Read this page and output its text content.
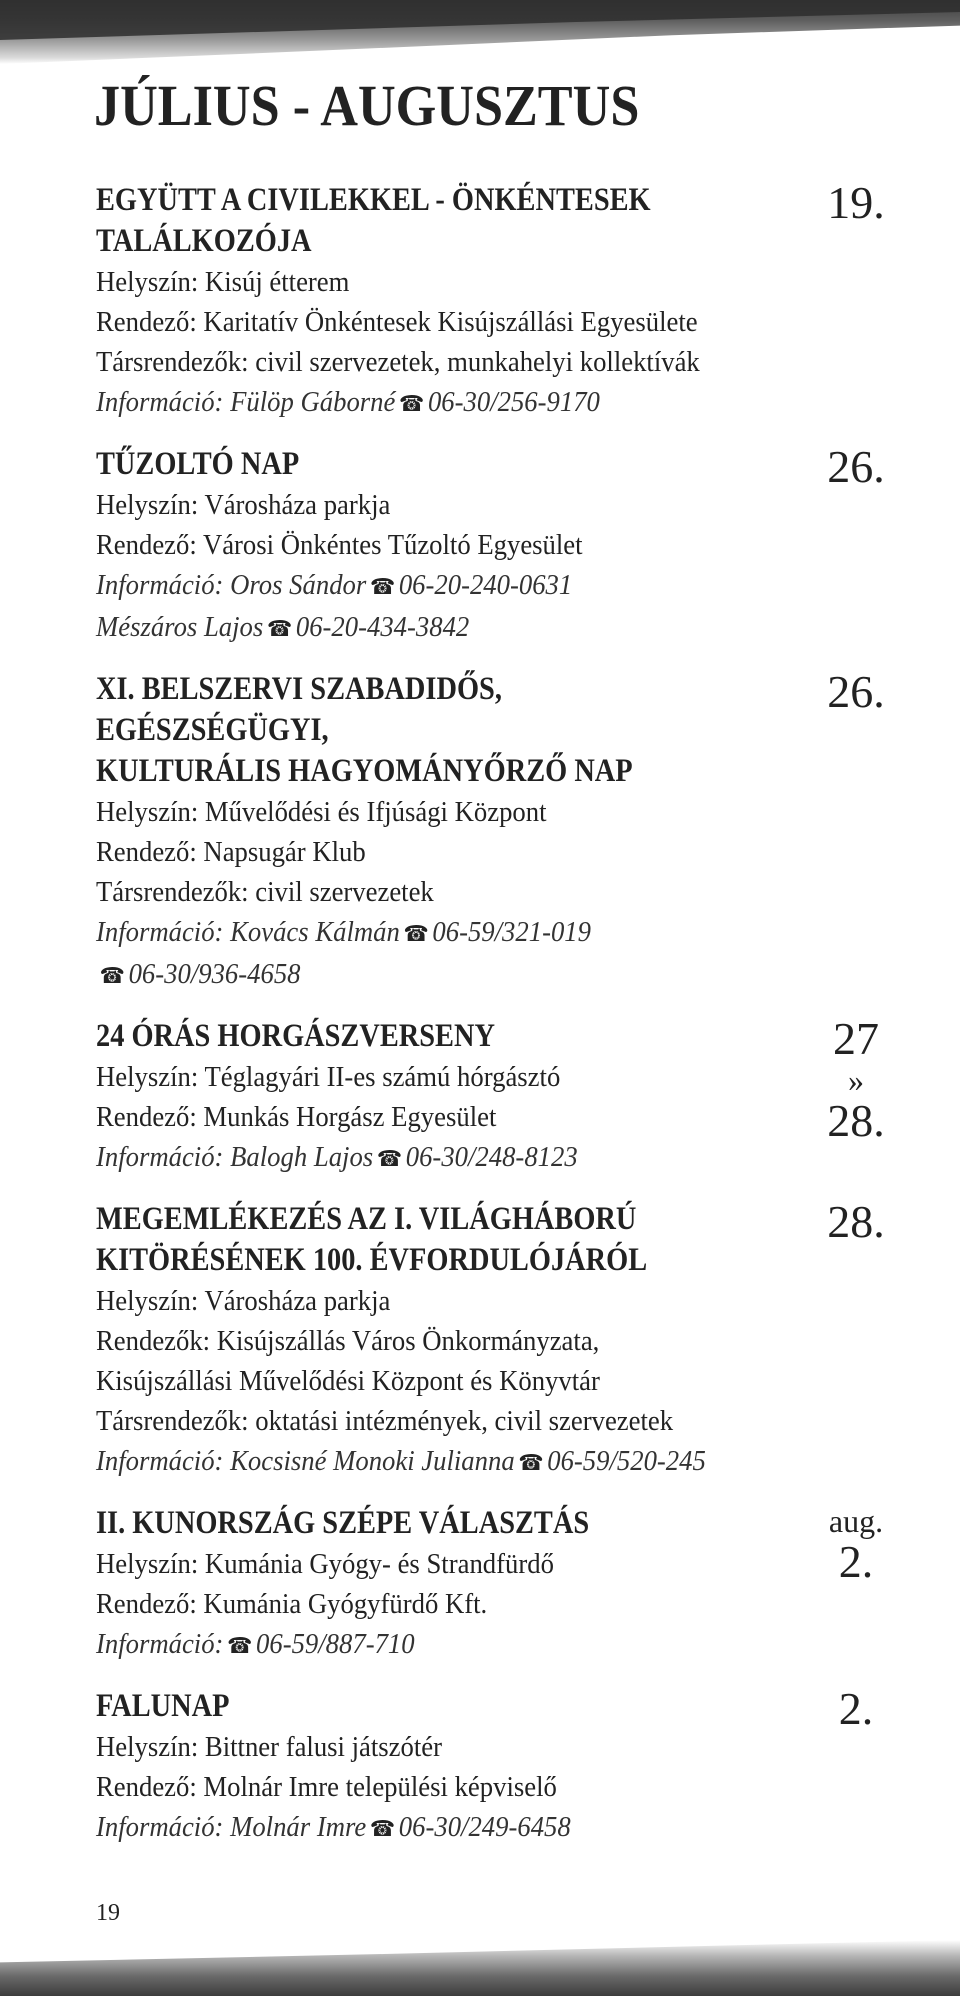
JÚLIUS - AUGUSZTUS
EGYÜTT A CIVILEKKEL - ÖNKÉNTESEK
TALÁLKOZÓJA
Helyszín: Kisúj étterem
Rendező: Karitatív Önkéntesek Kisújszállási Egyesülete
Társrendezők: civil szervezetek, munkahelyi kollektívák
Információ: Fülöp Gáborné ☎ 06-30/256-9170
19.
TŰZOLTÓ NAP
Helyszín: Városháza parkja
Rendező: Városi Önkéntes Tűzoltó Egyesület
Információ: Oros Sándor ☎ 06-20-240-0631
Mészáros Lajos ☎ 06-20-434-3842
26.
XI. BELSZERVI SZABADIDŐS, EGÉSZSÉGÜGYI,
KULTURÁLIS HAGYOMÁNYŐRZŐ NAP
Helyszín: Művelődési és Ifjúsági Központ
Rendező: Napsugár Klub
Társrendezők: civil szervezetek
Információ: Kovács Kálmán ☎ 06-59/321-019
☎ 06-30/936-4658
26.
24 ÓRÁS HORGÁSZVERSENY
Helyszín: Téglagyári II-es számú hórgásztó
Rendező: Munkás Horgász Egyesület
Információ: Balogh Lajos ☎ 06-30/248-8123
27
»
28.
MEGEMLÉKEZÉS AZ I. VILÁGHÁBORÚ
KITÖRÉSÉNEK 100. ÉVFORDULÓJÁRÓL
Helyszín: Városháza parkja
Rendezők: Kisújszállás Város Önkormányzata,
Kisújszállási Művelődési Központ és Könyvtár
Társrendezők: oktatási intézmények, civil szervezetek
Információ: Kocsisné Monoki Julianna ☎ 06-59/520-245
28.
II. KUNORSZÁG SZÉPE VÁLASZTÁS
Helyszín: Kumánia Gyógy- és Strandfürdő
Rendező: Kumánia Gyógyfürdő Kft.
Információ: ☎ 06-59/887-710
aug.
2.
FALUNAP
Helyszín: Bittner falusi játszótér
Rendező: Molnár Imre települési képviselő
Információ: Molnár Imre ☎ 06-30/249-6458
2.
19
